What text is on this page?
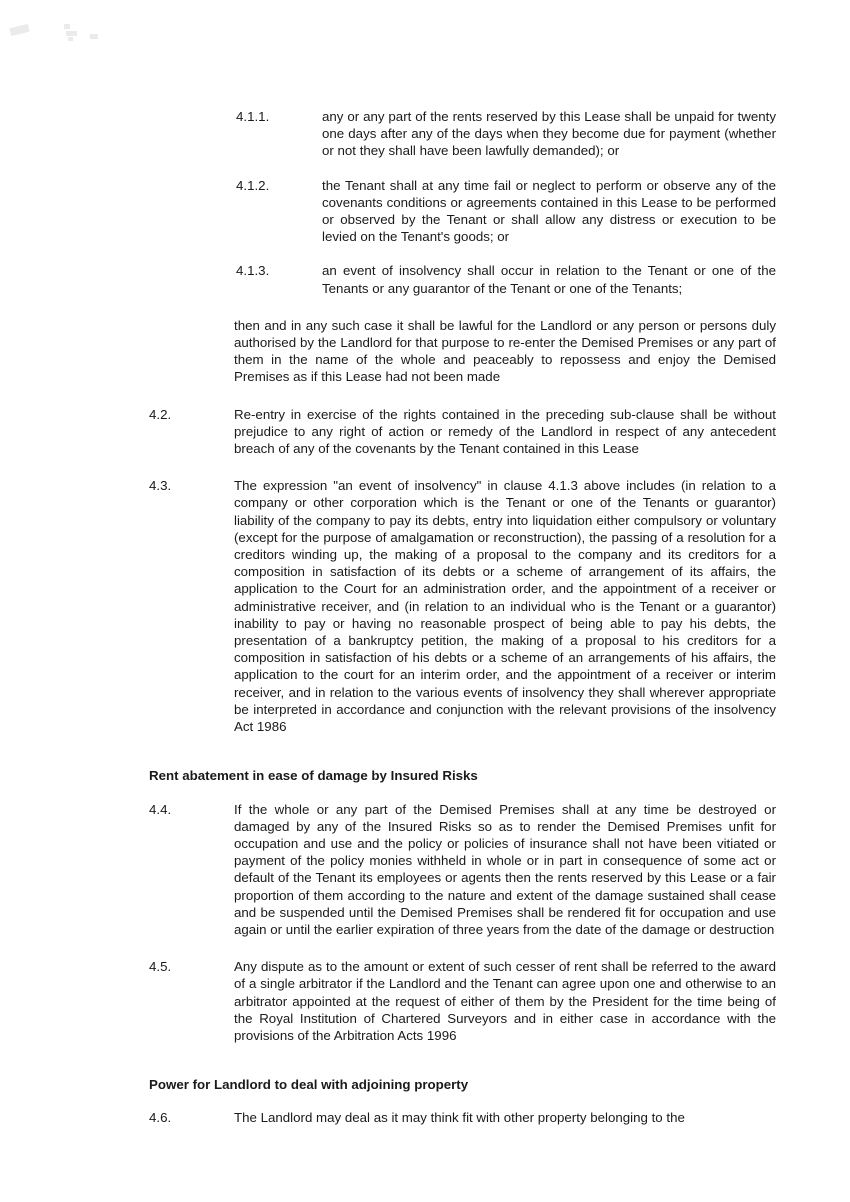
4.1.1.	any or any part of the rents reserved by this Lease shall be unpaid for twenty one days after any of the days when they become due for payment (whether or not they shall have been lawfully demanded); or
4.1.2.	the Tenant shall at any time fail or neglect to perform or observe any of the covenants conditions or agreements contained in this Lease to be performed or observed by the Tenant or shall allow any distress or execution to be levied on the Tenant's goods; or
4.1.3.	an event of insolvency shall occur in relation to the Tenant or one of the Tenants or any guarantor of the Tenant or one of the Tenants;
then and in any such case it shall be lawful for the Landlord or any person or persons duly authorised by the Landlord for that purpose to re-enter the Demised Premises or any part of them in the name of the whole and peaceably to repossess and enjoy the Demised Premises as if this Lease had not been made
4.2.	Re-entry in exercise of the rights contained in the preceding sub-clause shall be without prejudice to any right of action or remedy of the Landlord in respect of any antecedent breach of any of the covenants by the Tenant contained in this Lease
4.3.	The expression "an event of insolvency" in clause 4.1.3 above includes (in relation to a company or other corporation which is the Tenant or one of the Tenants or guarantor) liability of the company to pay its debts, entry into liquidation either compulsory or voluntary (except for the purpose of amalgamation or reconstruction), the passing of a resolution for a creditors winding up, the making of a proposal to the company and its creditors for a composition in satisfaction of its debts or a scheme of arrangement of its affairs, the application to the Court for an administration order, and the appointment of a receiver or administrative receiver, and (in relation to an individual who is the Tenant or a guarantor) inability to pay or having no reasonable prospect of being able to pay his debts, the presentation of a bankruptcy petition, the making of a proposal to his creditors for a composition in satisfaction of his debts or a scheme of an arrangements of his affairs, the application to the court for an interim order, and the appointment of a receiver or interim receiver, and in relation to the various events of insolvency they shall wherever appropriate be interpreted in accordance and conjunction with the relevant provisions of the insolvency Act 1986
Rent abatement in ease of damage by Insured Risks
4.4.	If the whole or any part of the Demised Premises shall at any time be destroyed or damaged by any of the Insured Risks so as to render the Demised Premises unfit for occupation and use and the policy or policies of insurance shall not have been vitiated or payment of the policy monies withheld in whole or in part in consequence of some act or default of the Tenant its employees or agents then the rents reserved by this Lease or a fair proportion of them according to the nature and extent of the damage sustained shall cease and be suspended until the Demised Premises shall be rendered fit for occupation and use again or until the earlier expiration of three years from the date of the damage or destruction
4.5.	Any dispute as to the amount or extent of such cesser of rent shall be referred to the award of a single arbitrator if the Landlord and the Tenant can agree upon one and otherwise to an arbitrator appointed at the request of either of them by the President for the time being of the Royal Institution of Chartered Surveyors and in either case in accordance with the provisions of the Arbitration Acts 1996
Power for Landlord to deal with adjoining property
4.6.	The Landlord may deal as it may think fit with other property belonging to the
